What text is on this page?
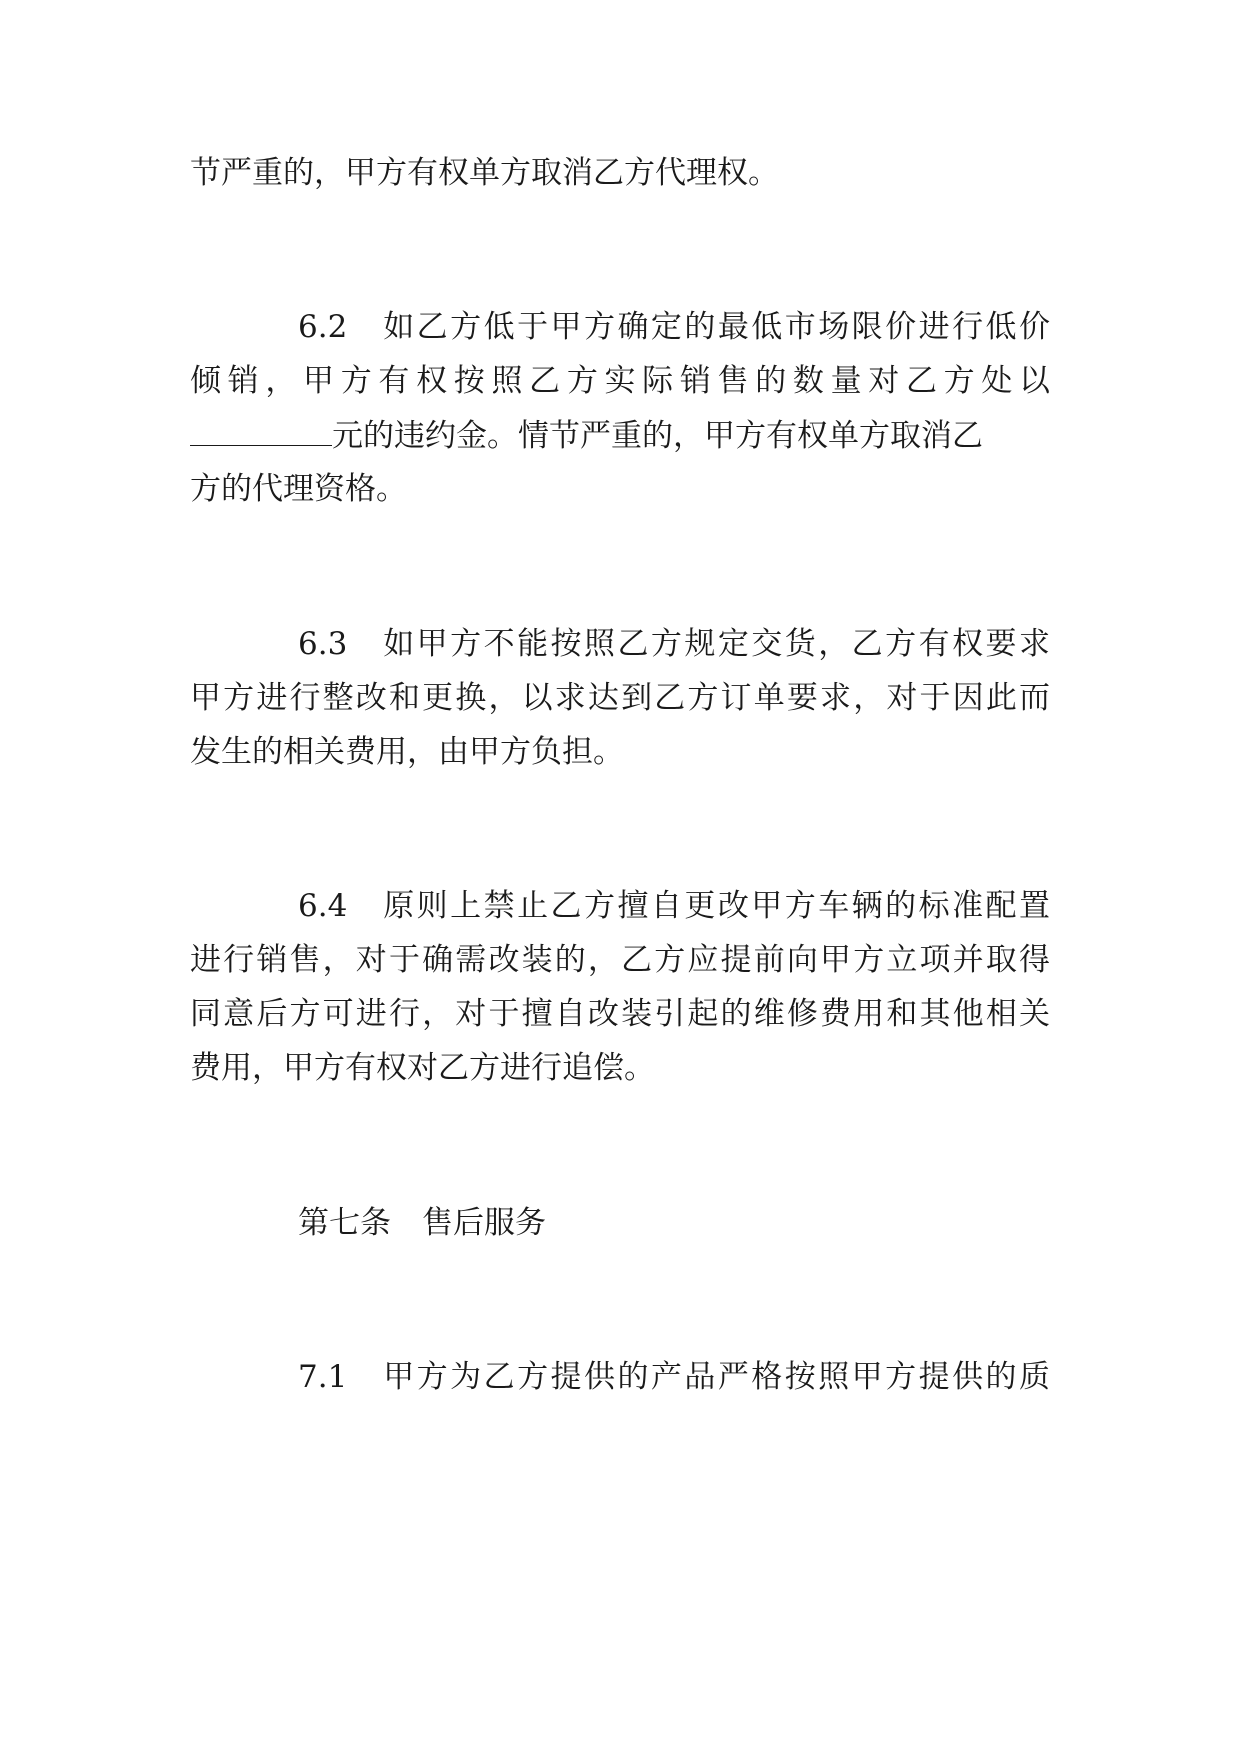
节严重的，甲方有权单方取消乙方代理权。

6.2　如乙方低于甲方确定的最低市场限价进行低价

倾销，甲方有权按照乙方实际销售的数量对乙方处以

元的违约金。情节严重的，甲方有权单方取消乙

方的代理资格。

6.3　如甲方不能按照乙方规定交货，乙方有权要求

甲方进行整改和更换，以求达到乙方订单要求，对于因此而

发生的相关费用，由甲方负担。

6.4　原则上禁止乙方擅自更改甲方车辆的标准配置

进行销售，对于确需改装的，乙方应提前向甲方立项并取得

同意后方可进行，对于擅自改装引起的维修费用和其他相关

费用，甲方有权对乙方进行追偿。

第七条　售后服务

7.1　甲方为乙方提供的产品严格按照甲方提供的质
